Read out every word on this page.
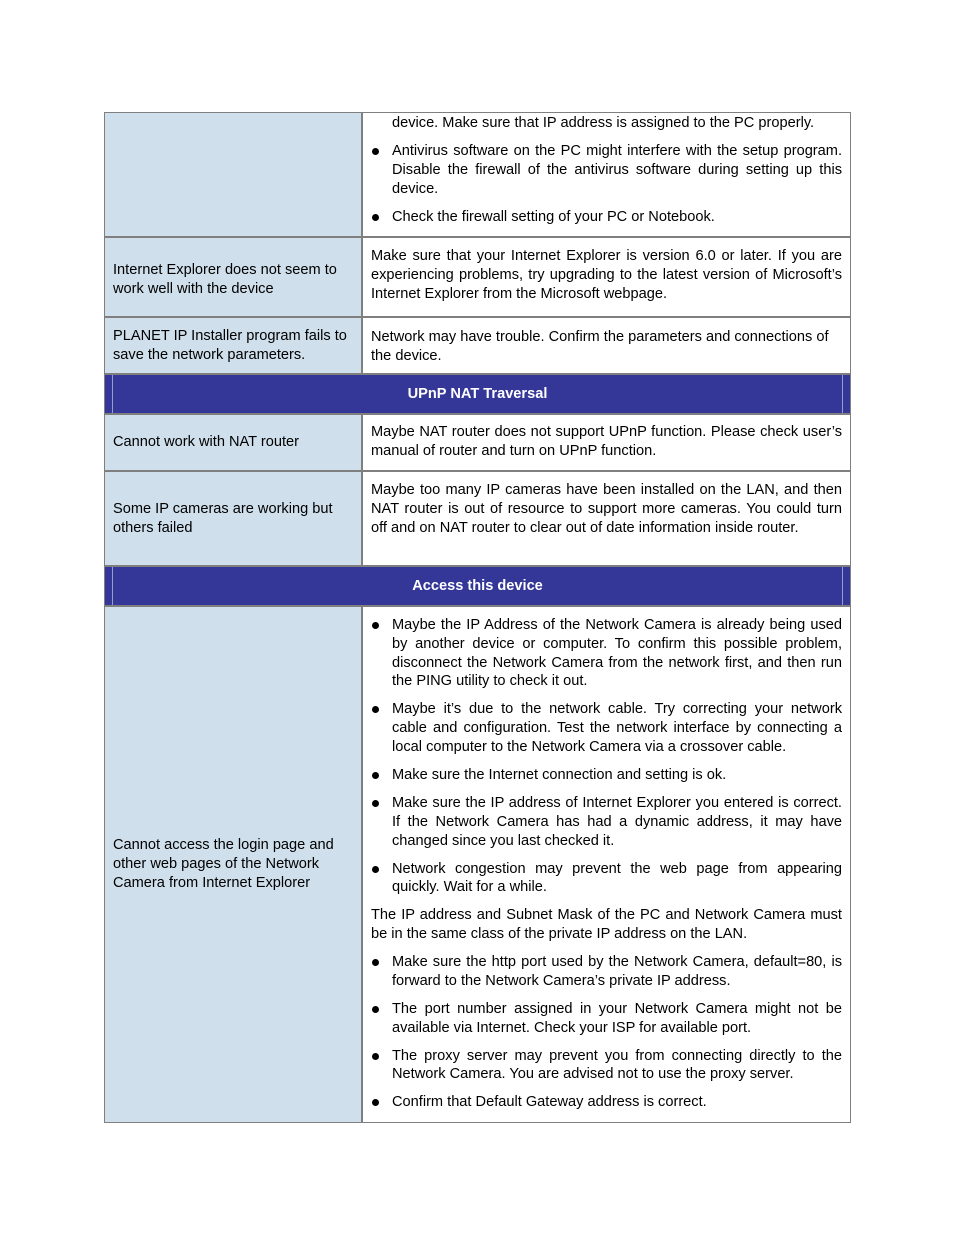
device. Make sure that IP address is assigned to the PC properly.
Antivirus software on the PC might interfere with the setup program. Disable the firewall of the antivirus software during setting up this device.
Check the firewall setting of your PC or Notebook.
Internet Explorer does not seem to work well with the device
Make sure that your Internet Explorer is version 6.0 or later. If you are experiencing problems, try upgrading to the latest version of Microsoft’s Internet Explorer from the Microsoft webpage.
PLANET IP Installer program fails to save the network parameters.
Network may have trouble. Confirm the parameters and connections of the device.
UPnP NAT Traversal
Cannot work with NAT router
Maybe NAT router does not support UPnP function. Please check user’s manual of router and turn on UPnP function.
Some IP cameras are working but others failed
Maybe too many IP cameras have been installed on the LAN, and then NAT router is out of resource to support more cameras. You could turn off and on NAT router to clear out of date information inside router.
Access this device
Cannot access the login page and other web pages of the Network Camera from Internet Explorer
Maybe the IP Address of the Network Camera is already being used by another device or computer. To confirm this possible problem, disconnect the Network Camera from the network first, and then run the PING utility to check it out.
Maybe it’s due to the network cable. Try correcting your network cable and configuration. Test the network interface by connecting a local computer to the Network Camera via a crossover cable.
Make sure the Internet connection and setting is ok.
Make sure the IP address of Internet Explorer you entered is correct. If the Network Camera has had a dynamic address, it may have changed since you last checked it.
Network congestion may prevent the web page from appearing quickly. Wait for a while.
The IP address and Subnet Mask of the PC and Network Camera must be in the same class of the private IP address on the LAN.
Make sure the http port used by the Network Camera, default=80, is forward to the Network Camera’s private IP address.
The port number assigned in your Network Camera might not be available via Internet. Check your ISP for available port.
The proxy server may prevent you from connecting directly to the Network Camera. You are advised not to use the proxy server.
Confirm that Default Gateway address is correct.
